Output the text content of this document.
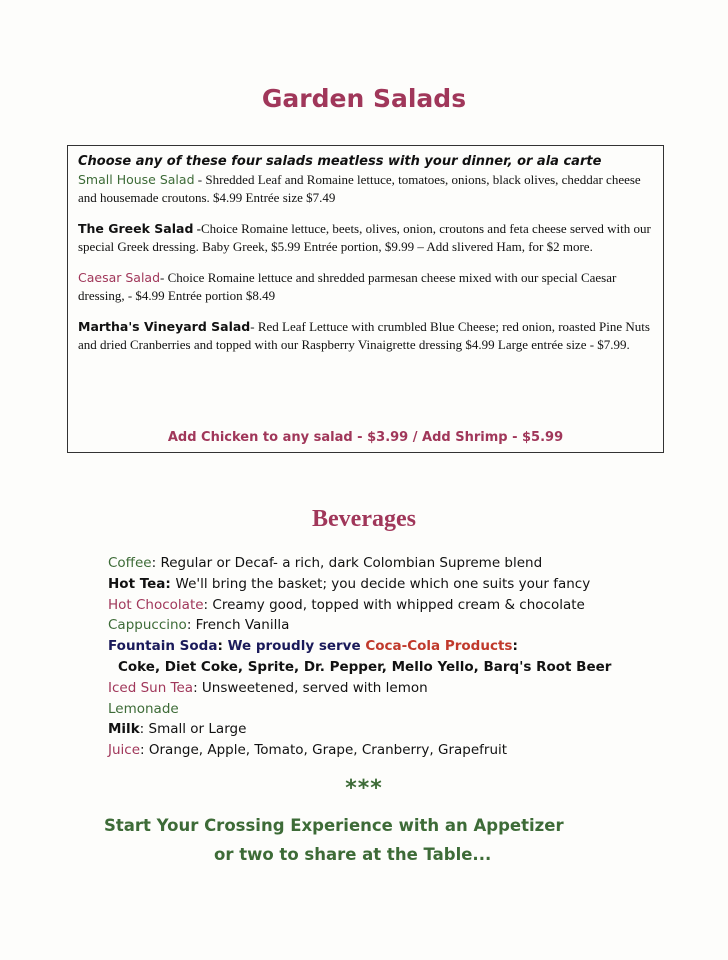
Garden Salads

Choose any of these four salads meatless with your dinner, or ala carte

Small House Salad - Shredded Leaf and Romaine lettuce, tomatoes, onions, black olives, cheddar cheese and housemade croutons. $4.99 Entrée size $7.49

The Greek Salad -Choice Romaine lettuce, beets, olives, onion, croutons and feta cheese served with our special Greek dressing. Baby Greek, $5.99 Entrée portion, $9.99 – Add slivered Ham, for $2 more.

Caesar Salad- Choice Romaine lettuce and shredded parmesan cheese mixed with our special Caesar dressing, - $4.99 Entrée portion $8.49

Martha's Vineyard Salad- Red Leaf Lettuce with crumbled Blue Cheese; red onion, roasted Pine Nuts and dried Cranberries and topped with our Raspberry Vinaigrette dressing $4.99 Large entrée size - $7.99.

Add Chicken to any salad - $3.99 / Add Shrimp - $5.99
Beverages
Coffee: Regular or Decaf- a rich, dark Colombian Supreme blend
Hot Tea: We'll bring the basket; you decide which one suits your fancy
Hot Chocolate: Creamy good, topped with whipped cream & chocolate
Cappuccino: French Vanilla
Fountain Soda: We proudly serve Coca-Cola Products:
Coke, Diet Coke, Sprite, Dr. Pepper, Mello Yello, Barq's Root Beer
Iced Sun Tea: Unsweetened, served with lemon
Lemonade
Milk: Small or Large
Juice: Orange, Apple, Tomato, Grape, Cranberry, Grapefruit
***
Start Your Crossing Experience with an Appetizer
or two to share at the Table...
